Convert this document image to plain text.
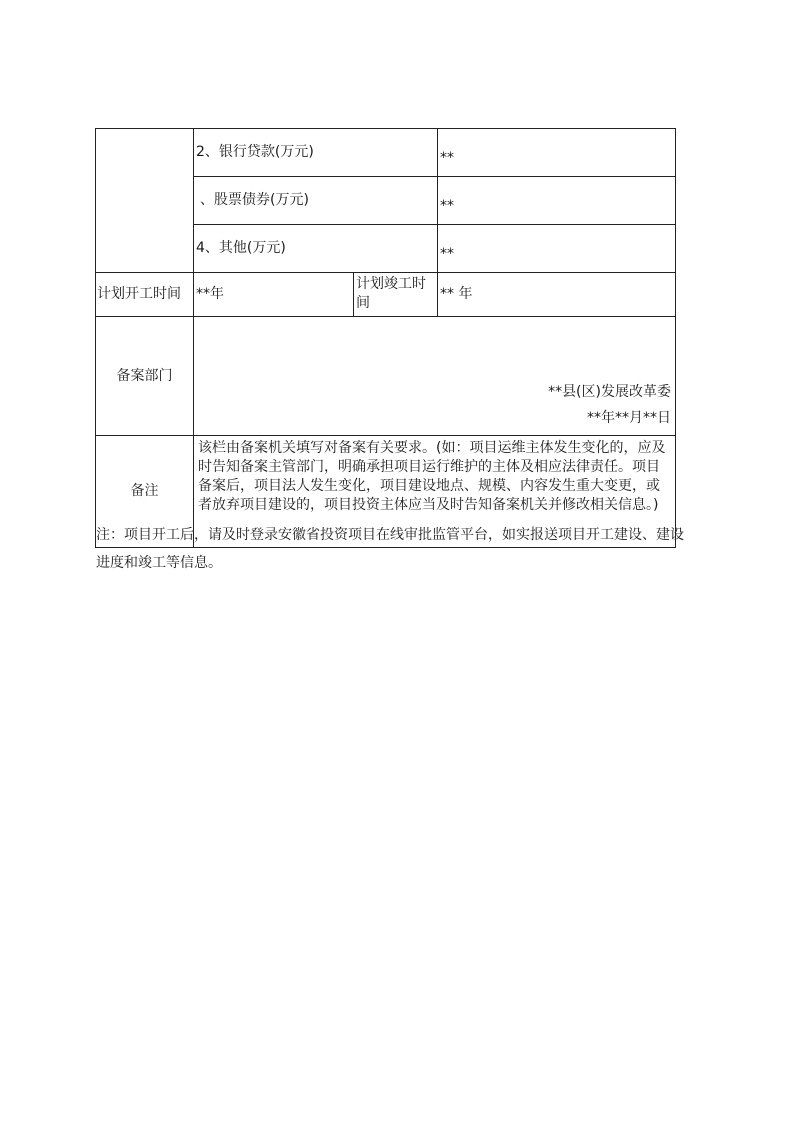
	2、银行贷款(万元)		**
	、股票债券(万元)		**
	4、其他(万元)		**
计划开工时间	**年	计划竣工时间	** 年
备案部门	**县(区)发展改革委
**年**月**日		

备注	该栏由备案机关填写对备案有关要求。(如：项目运维主体发生变化的，应及时告知备案主管部门，明确承担项目运行维护的主体及相应法律责任。项目备案后，项目法人发生变化，项目建设地点、规模、内容发生重大变更，或者放弃项目建设的，项目投资主体应当及时告知备案机关并修改相关信息。)		
注：项目开工后，请及时登录安徽省投资项目在线审批监管平台，如实报送项目开工建设、建设进度和竣工等信息。
